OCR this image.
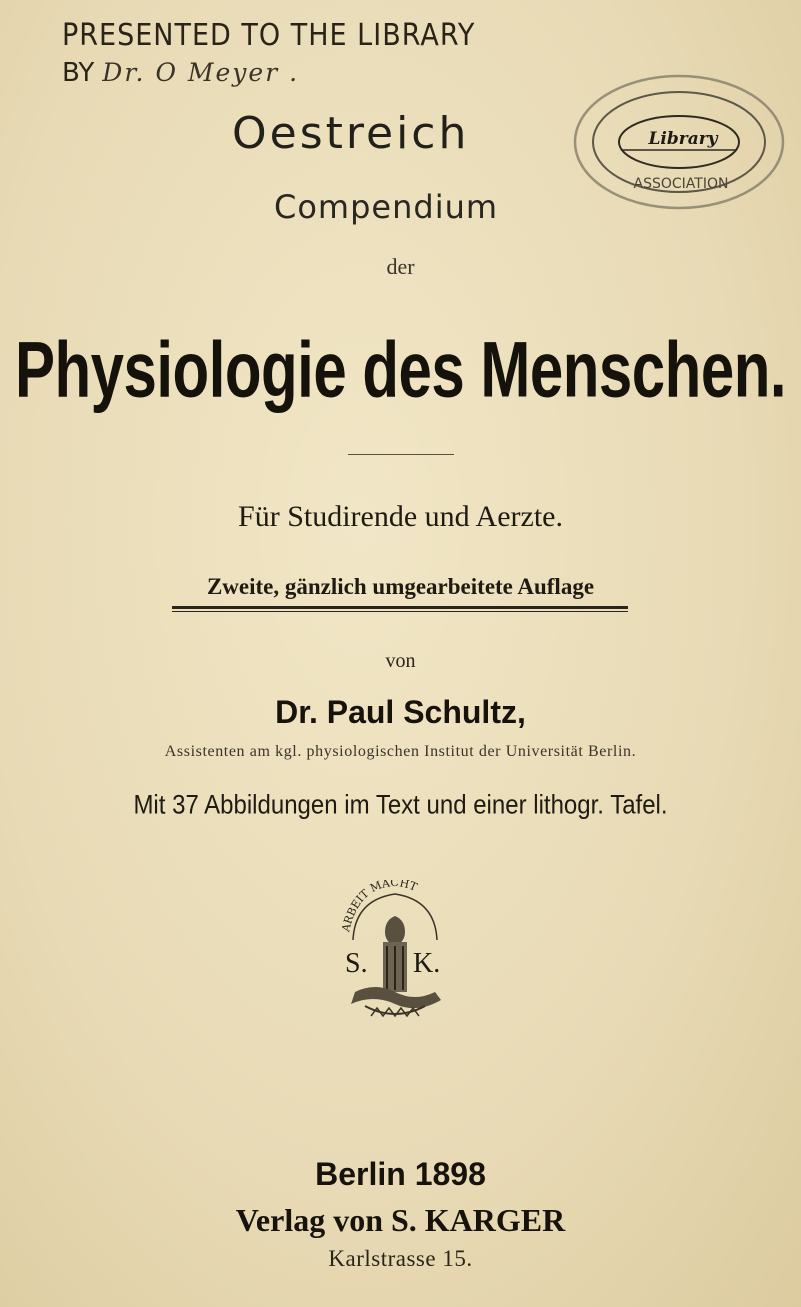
PRESENTED TO THE LIBRARY
BY Dr. O Meyer .
Oestreich
Compendium
Library
ASSOCIATION
der
Physiologie des Menschen.
Für Studirende und Aerzte.
Zweite, gänzlich umgearbeitete Auflage
von
Dr. Paul Schultz,
Assistenten am kgl. physiologischen Institut der Universität Berlin.
Mit 37 Abbildungen im Text und einer lithogr. Tafel.
ARBEIT MACHT
S. K.
Berlin 1898
Verlag von S. KARGER
Karlstrasse 15.
